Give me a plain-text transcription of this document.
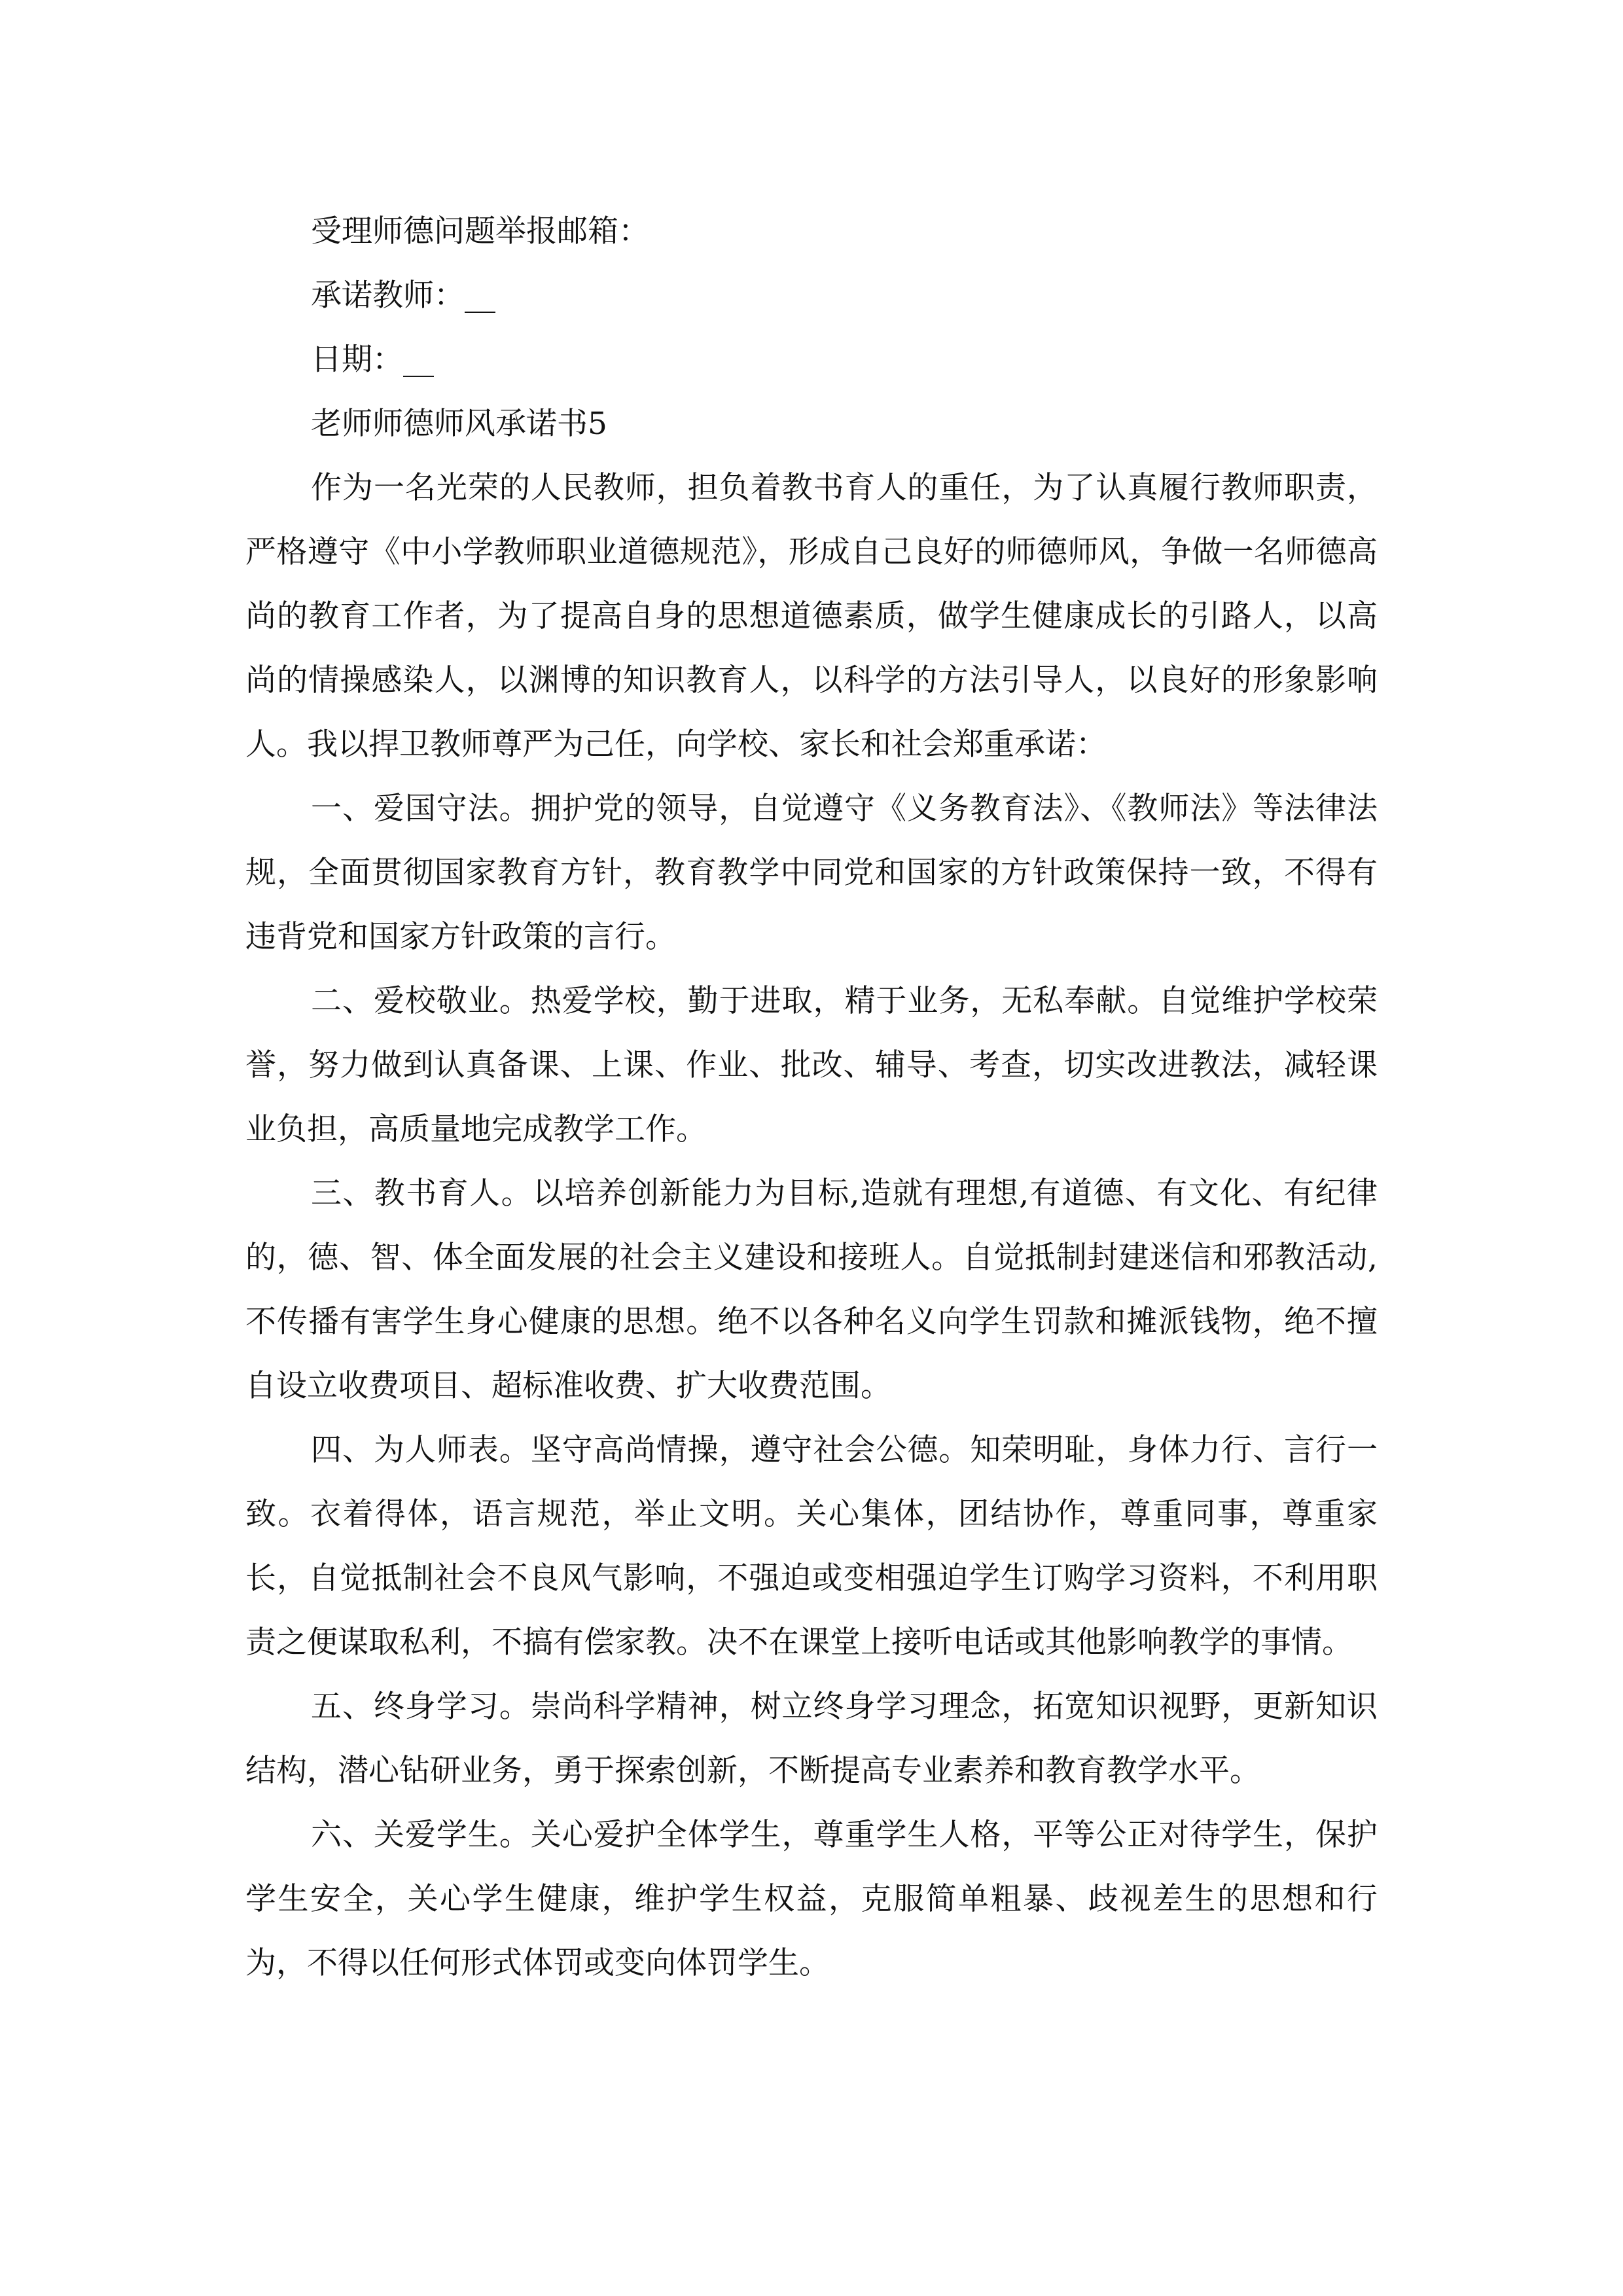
受理师德问题举报邮箱：

承诺教师：__

日期：__

老师师德师风承诺书5

作为一名光荣的人民教师，担负着教书育人的重任，为了认真履行教师职责，严格遵守《中小学教师职业道德规范》，形成自己良好的师德师风，争做一名师德高尚的教育工作者，为了提高自身的思想道德素质，做学生健康成长的引路人，以高尚的情操感染人，以渊博的知识教育人，以科学的方法引导人，以良好的形象影响人。我以捍卫教师尊严为己任，向学校、家长和社会郑重承诺：

一、爱国守法。拥护党的领导，自觉遵守《义务教育法》、《教师法》等法律法规，全面贯彻国家教育方针，教育教学中同党和国家的方针政策保持一致，不得有违背党和国家方针政策的言行。

二、爱校敬业。热爱学校，勤于进取，精于业务，无私奉献。自觉维护学校荣誉，努力做到认真备课、上课、作业、批改、辅导、考查，切实改进教法，减轻课业负担，高质量地完成教学工作。

三、教书育人。以培养创新能力为目标,造就有理想,有道德、有文化、有纪律的，德、智、体全面发展的社会主义建设和接班人。自觉抵制封建迷信和邪教活动,不传播有害学生身心健康的思想。绝不以各种名义向学生罚款和摊派钱物，绝不擅自设立收费项目、超标准收费、扩大收费范围。

四、为人师表。坚守高尚情操，遵守社会公德。知荣明耻，身体力行、言行一致。衣着得体，语言规范，举止文明。关心集体，团结协作，尊重同事，尊重家长，自觉抵制社会不良风气影响，不强迫或变相强迫学生订购学习资料，不利用职责之便谋取私利，不搞有偿家教。决不在课堂上接听电话或其他影响教学的事情。

五、终身学习。崇尚科学精神，树立终身学习理念，拓宽知识视野，更新知识结构，潜心钻研业务，勇于探索创新，不断提高专业素养和教育教学水平。

六、关爱学生。关心爱护全体学生，尊重学生人格，平等公正对待学生，保护学生安全，关心学生健康，维护学生权益，克服简单粗暴、歧视差生的思想和行为，不得以任何形式体罚或变向体罚学生。
